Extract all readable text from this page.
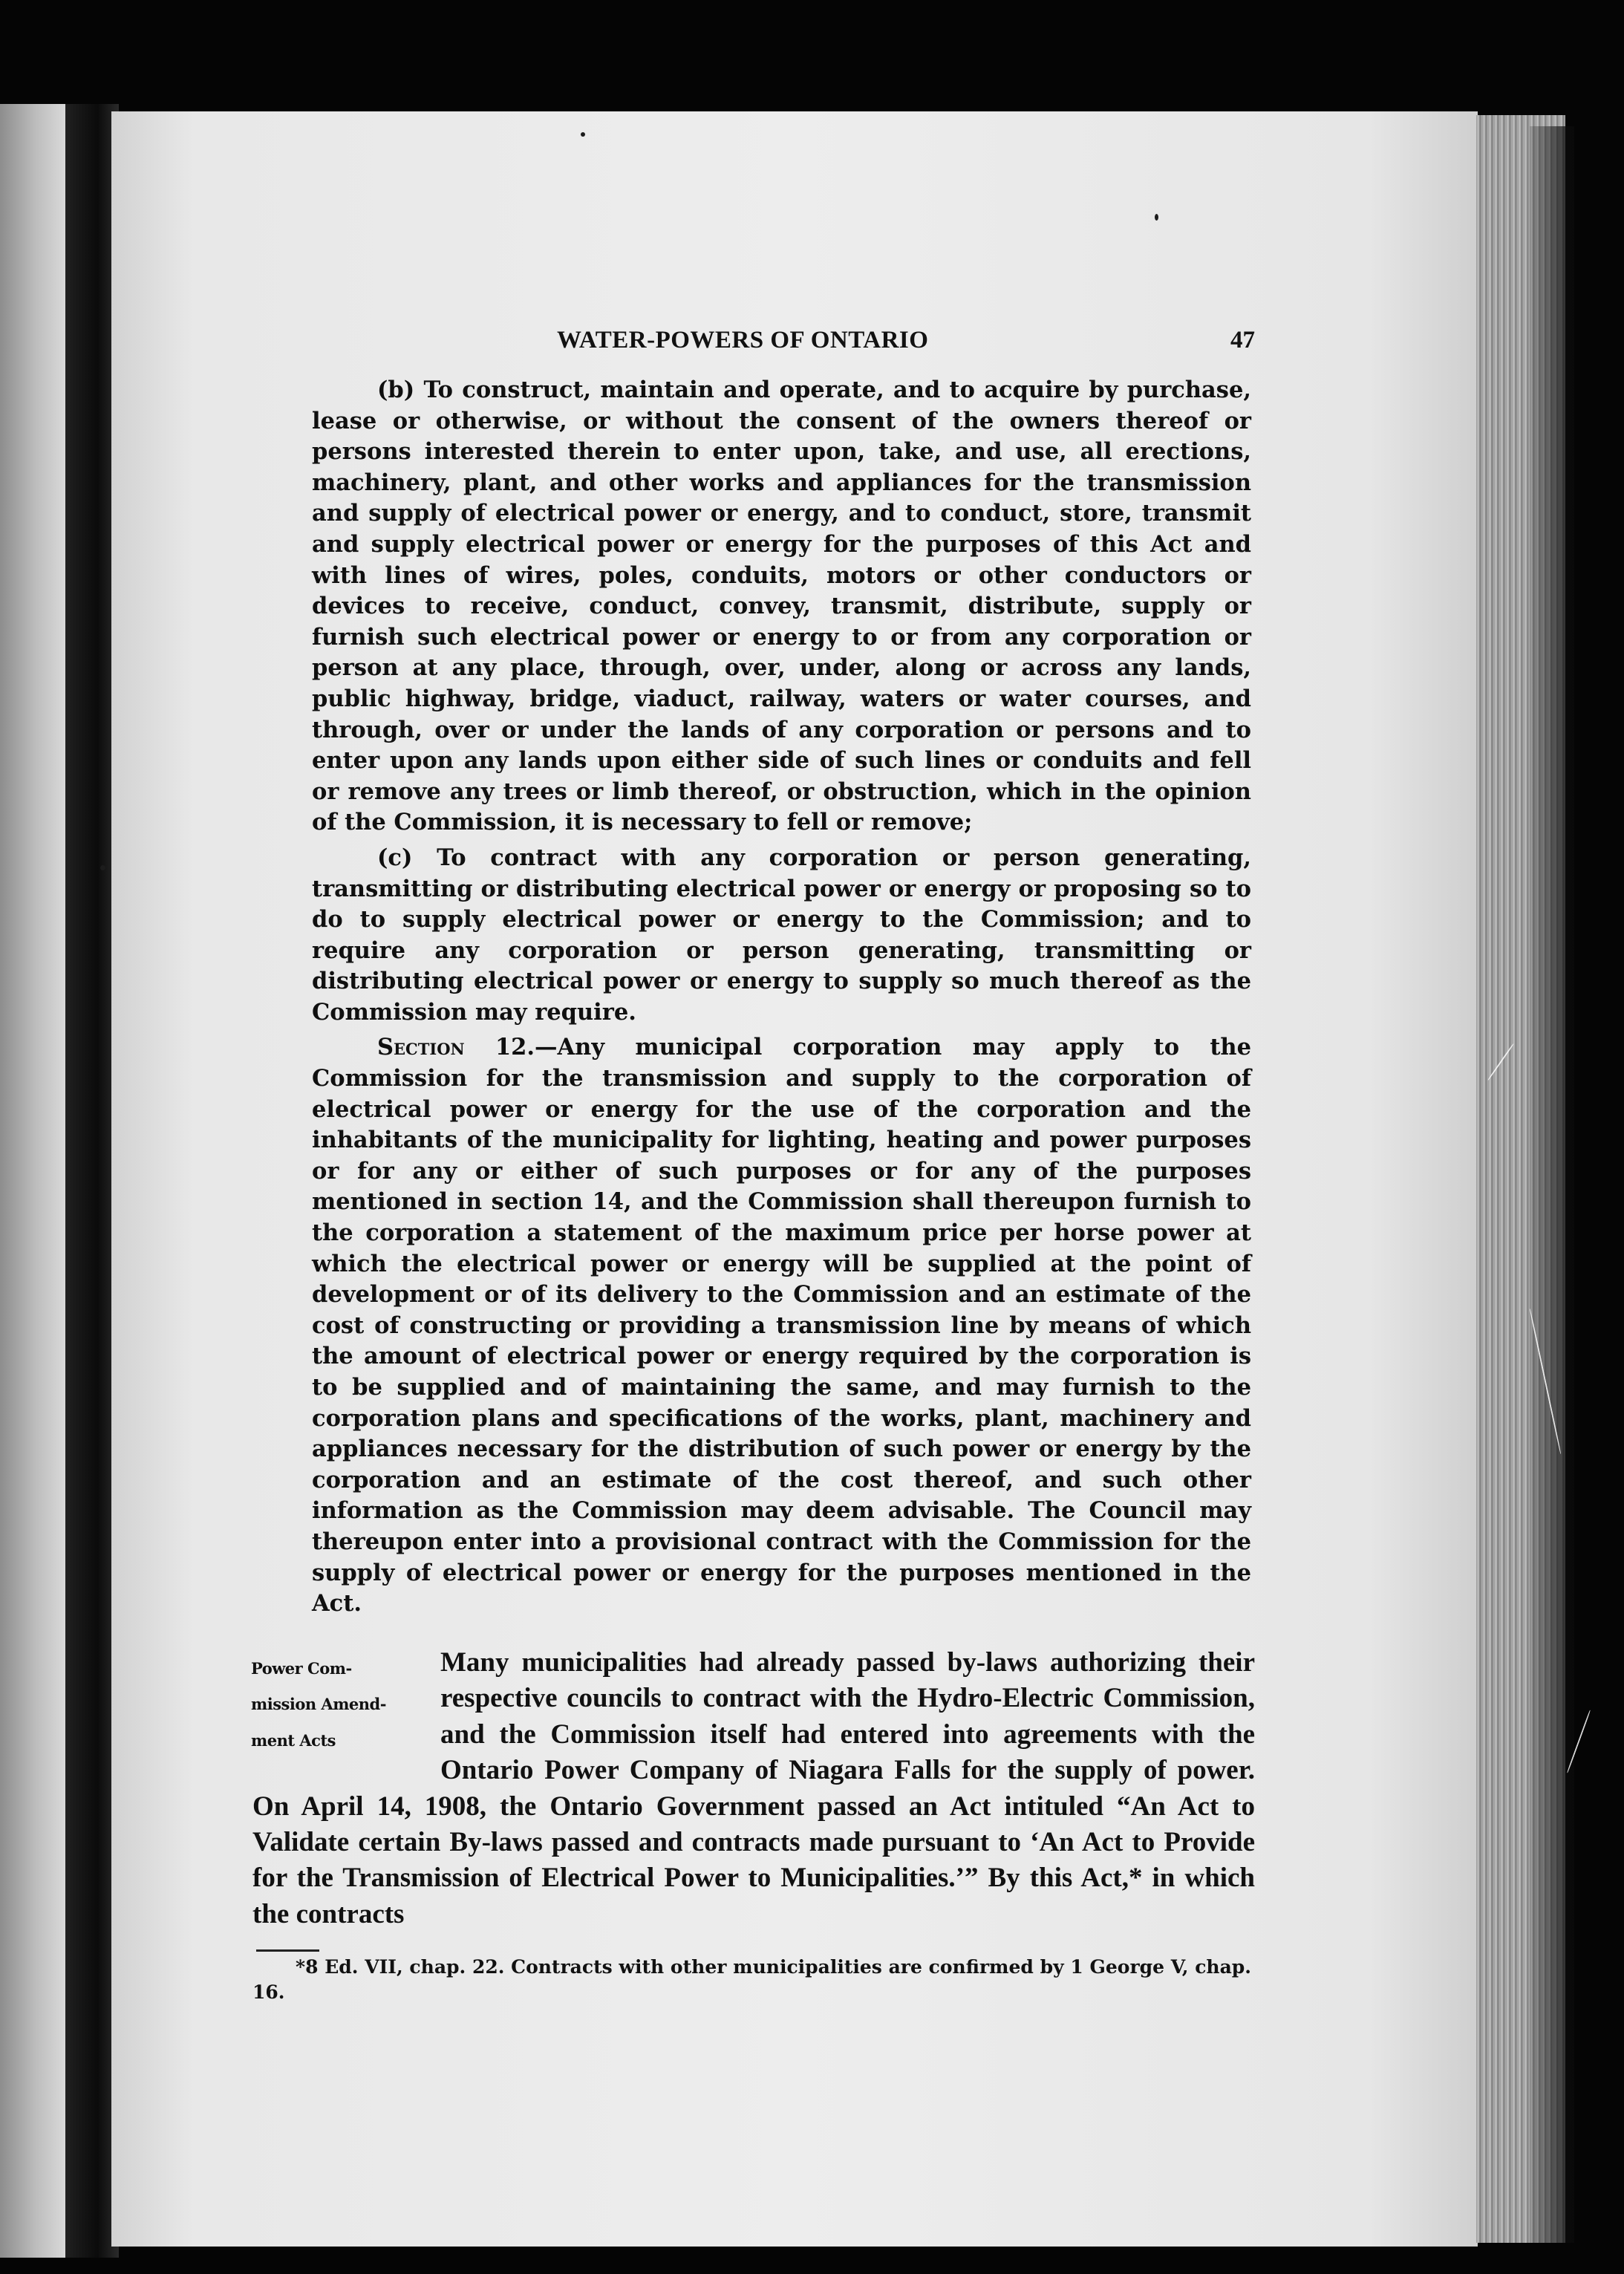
WATER-POWERS OF ONTARIO	47

(b) To construct, maintain and operate, and to acquire by purchase, lease or otherwise, or without the consent of the owners thereof or persons interested therein to enter upon, take, and use, all erections, machinery, plant, and other works and appliances for the transmission and supply of electrical power or energy, and to conduct, store, transmit and supply electrical power or energy for the purposes of this Act and with lines of wires, poles, conduits, motors or other conductors or devices to receive, conduct, convey, transmit, distribute, supply or furnish such electrical power or energy to or from any corporation or person at any place, through, over, under, along or across any lands, public highway, bridge, viaduct, railway, waters or water courses, and through, over or under the lands of any corporation or persons and to enter upon any lands upon either side of such lines or conduits and fell or remove any trees or limb thereof, or obstruction, which in the opinion of the Commission, it is necessary to fell or remove;

(c) To contract with any corporation or person generating, transmitting or distributing electrical power or energy or proposing so to do to supply electrical power or energy to the Commission; and to require any corporation or person generating, transmitting or distributing electrical power or energy to supply so much thereof as the Commission may require.

Section 12.—Any municipal corporation may apply to the Commission for the transmission and supply to the corporation of electrical power or energy for the use of the corporation and the inhabitants of the municipality for lighting, heating and power purposes or for any or either of such purposes or for any of the purposes mentioned in section 14, and the Commission shall thereupon furnish to the corporation a statement of the maximum price per horse power at which the electrical power or energy will be supplied at the point of development or of its delivery to the Commission and an estimate of the cost of constructing or providing a transmission line by means of which the amount of electrical power or energy required by the corporation is to be supplied and of maintaining the same, and may furnish to the corporation plans and specifications of the works, plant, machinery and appliances necessary for the distribution of such power or energy by the corporation and an estimate of the cost thereof, and such other information as the Commission may deem advisable. The Council may thereupon enter into a provisional contract with the Commission for the supply of electrical power or energy for the purposes mentioned in the Act.

Power Com-
mission Amend-
ment Acts

Many municipalities had already passed by-laws authorizing their respective councils to contract with the Hydro-Electric Commission, and the Commission itself had entered into agreements with the Ontario Power Company of Niagara Falls for the supply of power. On April 14, 1908, the Ontario Government passed an Act intituled “An Act to Validate certain By-laws passed and contracts made pursuant to ‘An Act to Provide for the Transmission of Electrical Power to Municipalities.’” By this Act,* in which the contracts

*8 Ed. VII, chap. 22. Contracts with other municipalities are confirmed by 1 George V, chap. 16.
